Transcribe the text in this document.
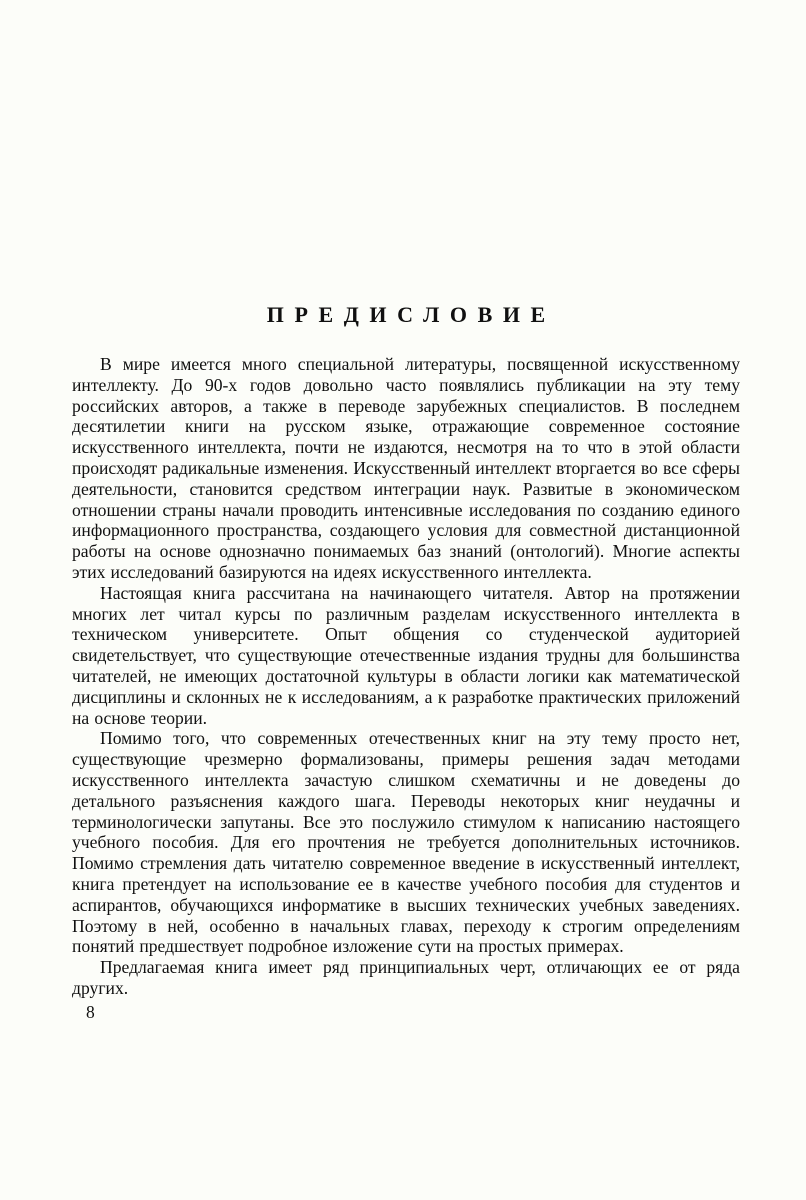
ПРЕДИСЛОВИЕ

В мире имеется много специальной литературы, посвященной искусственному интеллекту. До 90-х годов довольно часто появлялись публикации на эту тему российских авторов, а также в переводе зарубежных специалистов. В последнем десятилетии книги на русском языке, отражающие современное состояние искусственного интеллекта, почти не издаются, несмотря на то что в этой области происходят радикальные изменения. Искусственный интеллект вторгается во все сферы деятельности, становится средством интеграции наук. Развитые в экономическом отношении страны начали проводить интенсивные исследования по созданию единого информационного пространства, создающего условия для совместной дистанционной работы на основе однозначно понимаемых баз знаний (онтологий). Многие аспекты этих исследований базируются на идеях искусственного интеллекта.

Настоящая книга рассчитана на начинающего читателя. Автор на протяжении многих лет читал курсы по различным разделам искусственного интеллекта в техническом университете. Опыт общения со студенческой аудиторией свидетельствует, что существующие отечественные издания трудны для большинства читателей, не имеющих достаточной культуры в области логики как математической дисциплины и склонных не к исследованиям, а к разработке практических приложений на основе теории.

Помимо того, что современных отечественных книг на эту тему просто нет, существующие чрезмерно формализованы, примеры решения задач методами искусственного интеллекта зачастую слишком схематичны и не доведены до детального разъяснения каждого шага. Переводы некоторых книг неудачны и терминологически запутаны. Все это послужило стимулом к написанию настоящего учебного пособия. Для его прочтения не требуется дополнительных источников. Помимо стремления дать читателю современное введение в искусственный интеллект, книга претендует на использование ее в качестве учебного пособия для студентов и аспирантов, обучающихся информатике в высших технических учебных заведениях. Поэтому в ней, особенно в начальных главах, переходу к строгим определениям понятий предшествует подробное изложение сути на простых примерах.

Предлагаемая книга имеет ряд принципиальных черт, отличающих ее от ряда других.

8
